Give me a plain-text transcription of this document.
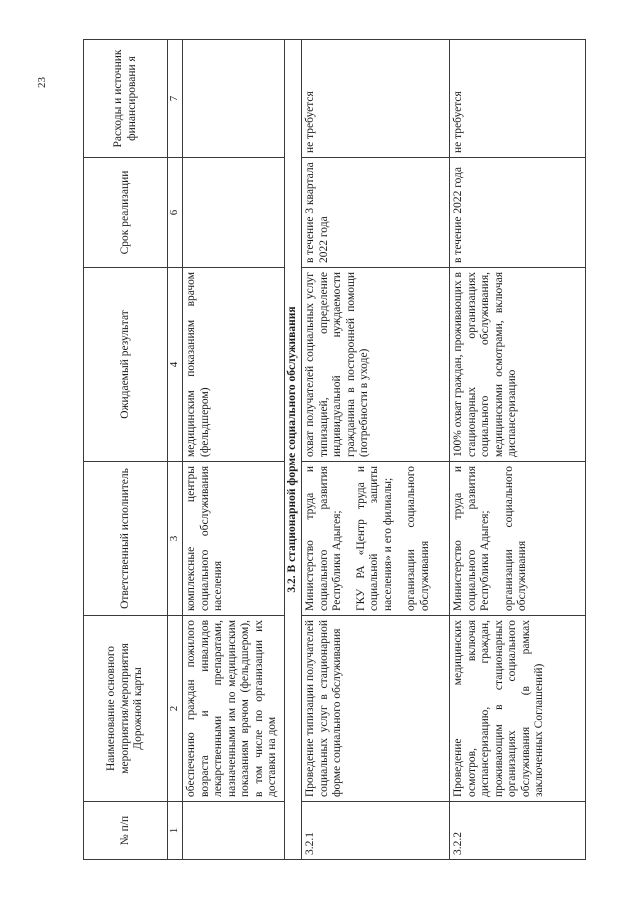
23
№ п/п	Наименование основного мероприятия/мероприятия Дорожной карты	Ответственный исполнитель	Ожидаемый результат	Срок реализации	Расходы и источник финансировани я
1	2	3	4	6	7
	обеспечению граждан пожилого возраста и инвалидов лекарственными препаратами, назначенными им по медицинским показаниям врачом (фельдшером), в том числе по организации их доставки на дом	комплексные центры социального обслуживания населения	медицинским показаниям врачом (фельдшером)		
3.2. В стационарной форме социального обслуживания					
3.2.1	Проведение типизации получателей социальных услуг в стационарной форме социального обслуживания	Министерство труда и социального развития Республики Адыгея; ГКУ РА «Центр труда и социальной защиты населения» и его филиалы; организации социального обслуживания	охват получателей социальных услуг типизацией, определение индивидуальной нуждаемости гражданина в посторонней помощи (потребности в уходе)	в течение 3 квартала 2022 года	не требуется
3.2.2	Проведение медицинских осмотров, включая диспансеризацию, граждан, проживающим в стационарных организациях социального обслуживания (в рамках заключенных Соглашений)	Министерство труда и социального развития Республики Адыгея; организации социального обслуживания	100% охват граждан, проживающих в стационарных организациях социального обслуживания, медицинскими осмотрами, включая диспансеризацию	в течение 2022 года	не требуется
